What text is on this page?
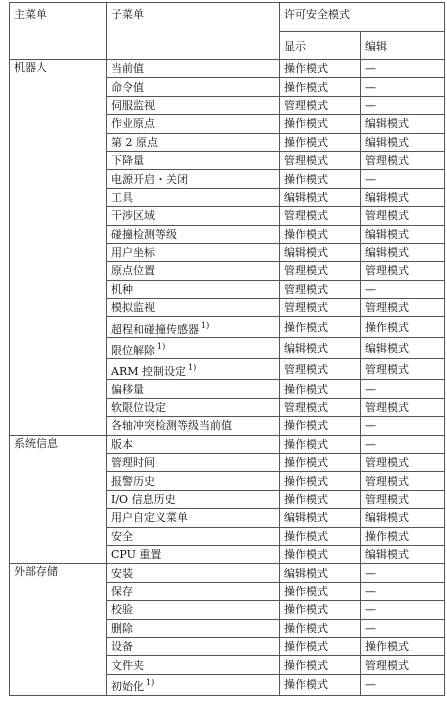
主菜单	子菜单	许可安全模式	
		显示	编辑
机器人	当前值	操作模式	—
	命令值	操作模式	—
	伺服监视	管理模式	—
	作业原点	操作模式	编辑模式
	第 2 原点	操作模式	编辑模式
	下降量	管理模式	管理模式
	电源开启・关闭	操作模式	—
	工具	编辑模式	编辑模式
	干涉区域	管理模式	管理模式
	碰撞检测等级	操作模式	编辑模式
	用户坐标	编辑模式	编辑模式
	原点位置	管理模式	管理模式
	机种	管理模式	—
	模拟监视	管理模式	管理模式
	超程和碰撞传感器 $^{1)}$	操作模式	操作模式
	限位解除 $^{1)}$	编辑模式	编辑模式
	ARM 控制设定 $^{1)}$	管理模式	管理模式
	偏移量	操作模式	—
	软限位设定	管理模式	管理模式
	各轴冲突检测等级当前值	操作模式	—
系统信息	版本	操作模式	—
	管理时间	操作模式	管理模式
	报警历史	操作模式	管理模式
	I/O 信息历史	操作模式	管理模式
	用户自定义菜单	编辑模式	编辑模式
	安全	操作模式	操作模式
	CPU 重置	操作模式	编辑模式
外部存储	安装	编辑模式	—
	保存	操作模式	—
	校验	操作模式	—
	删除	操作模式	—
	设备	操作模式	操作模式
	文件夹	操作模式	管理模式
	初始化 $^{1)}$	操作模式	—
